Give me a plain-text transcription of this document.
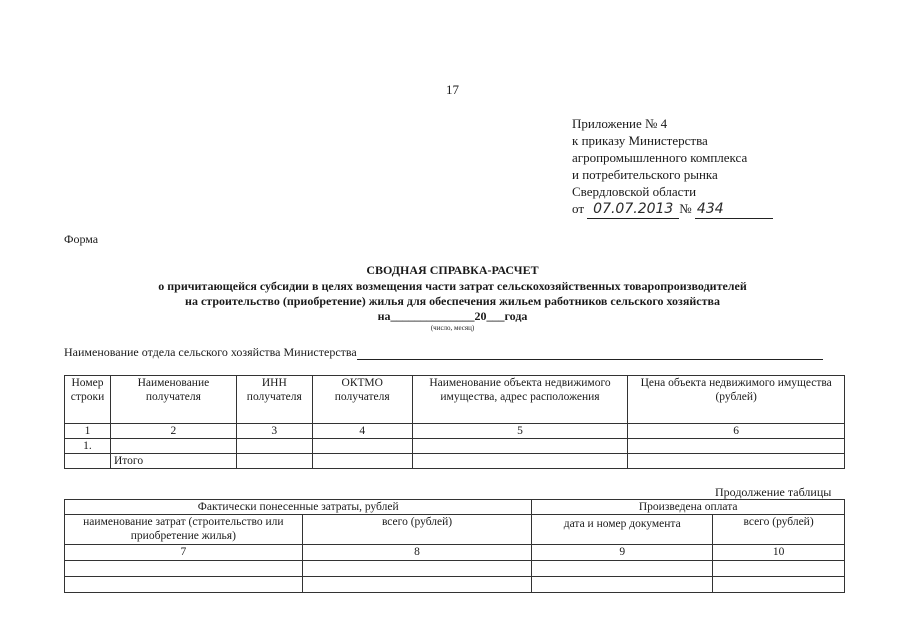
17
Приложение № 4
к приказу Министерства
агропромышленного комплекса
и потребительского рынка
Свердловской области
от 07.07.2013 № 434
Форма
СВОДНАЯ СПРАВКА-РАСЧЕТ
о причитающейся субсидии в целях возмещения части затрат сельскохозяйственных товаропроизводителей
на строительство (приобретение) жилья для обеспечения жильем работников сельского хозяйства
на______________20___года
(число, месяц)
Наименование отдела сельского хозяйства Министерства
Номер строки	Наименование получателя	ИНН получателя	ОКТМО получателя	Наименование объекта недвижимого имущества, адрес расположения	Цена объекта недвижимого имущества (рублей)
1	2	3	4	5	6
1.					
	Итого				
Продолжение таблицы
Фактически понесенные затраты, рублей		Произведена оплата	
наименование затрат (строительство или приобретение жилья)	всего (рублей)	дата и номер документа	всего (рублей)
7	8	9	10
